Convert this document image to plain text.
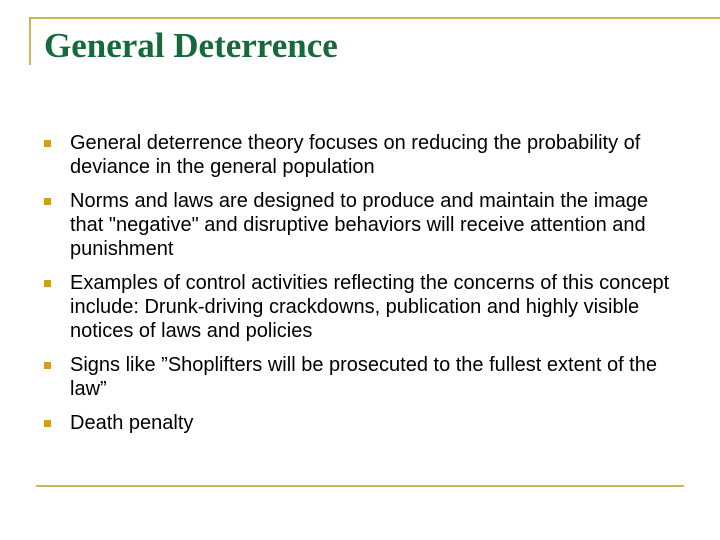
General Deterrence
General deterrence theory focuses on reducing the probability of deviance in the general population
Norms and laws are designed to produce and maintain the image that "negative" and disruptive behaviors will receive attention and punishment
Examples of control activities reflecting the concerns of this concept include: Drunk-driving crackdowns, publication and highly visible notices of laws and policies
Signs like ”Shoplifters will be prosecuted to the fullest extent of the law”
Death penalty
